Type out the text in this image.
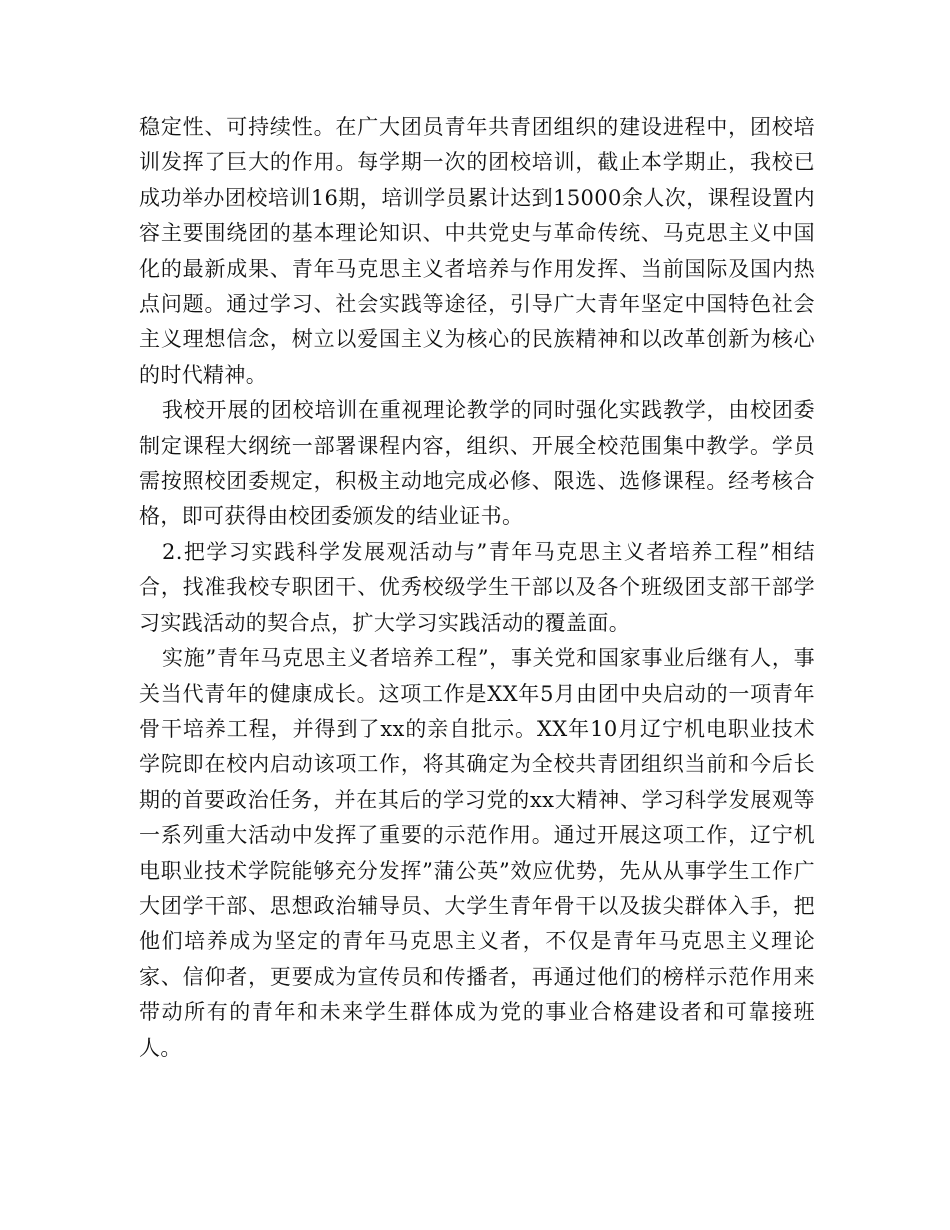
稳定性、可持续性。在广大团员青年共青团组织的建设进程中，团校培训发挥了巨大的作用。每学期一次的团校培训，截止本学期止，我校已成功举办团校培训16期，培训学员累计达到15000余人次，课程设置内容主要围绕团的基本理论知识、中共党史与革命传统、马克思主义中国化的最新成果、青年马克思主义者培养与作用发挥、当前国际及国内热点问题。通过学习、社会实践等途径，引导广大青年坚定中国特色社会主义理想信念，树立以爱国主义为核心的民族精神和以改革创新为核心的时代精神。

我校开展的团校培训在重视理论教学的同时强化实践教学，由校团委制定课程大纲统一部署课程内容，组织、开展全校范围集中教学。学员需按照校团委规定，积极主动地完成必修、限选、选修课程。经考核合格，即可获得由校团委颁发的结业证书。

2.把学习实践科学发展观活动与”青年马克思主义者培养工程”相结合，找准我校专职团干、优秀校级学生干部以及各个班级团支部干部学习实践活动的契合点，扩大学习实践活动的覆盖面。

实施”青年马克思主义者培养工程”，事关党和国家事业后继有人，事关当代青年的健康成长。这项工作是XX年5月由团中央启动的一项青年骨干培养工程，并得到了xx的亲自批示。XX年10月辽宁机电职业技术学院即在校内启动该项工作，将其确定为全校共青团组织当前和今后长期的首要政治任务，并在其后的学习党的xx大精神、学习科学发展观等一系列重大活动中发挥了重要的示范作用。通过开展这项工作，辽宁机电职业技术学院能够充分发挥”蒲公英”效应优势，先从从事学生工作广大团学干部、思想政治辅导员、大学生青年骨干以及拔尖群体入手，把他们培养成为坚定的青年马克思主义者，不仅是青年马克思主义理论家、信仰者，更要成为宣传员和传播者，再通过他们的榜样示范作用来带动所有的青年和未来学生群体成为党的事业合格建设者和可靠接班人。
